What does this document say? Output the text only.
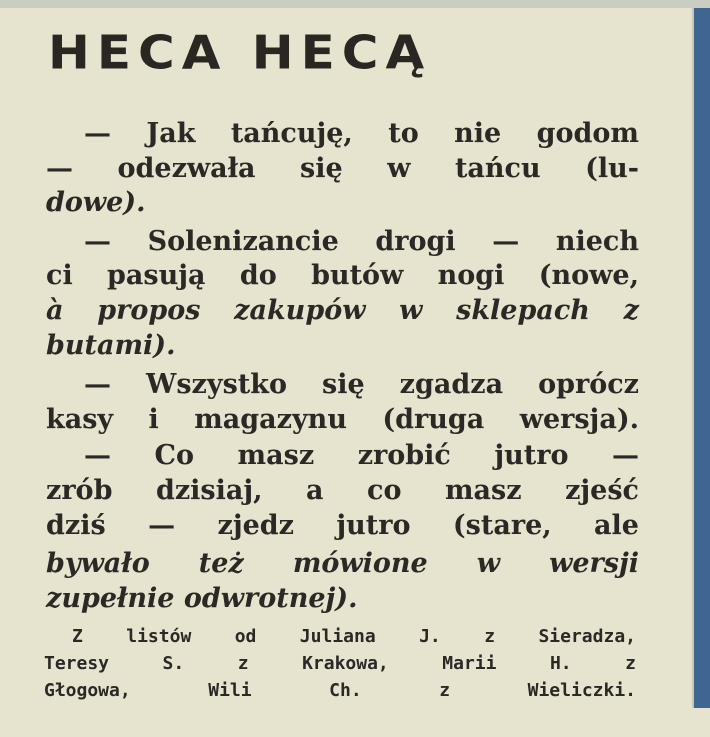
HECA HECĄ

— Jak tańcuję, to nie godom

— odezwała się w tańcu (lu-

dowe).

— Solenizancie drogi — niech

ci pasują do butów nogi (nowe,

à propos zakupów w sklepach z

butami).

— Wszystko się zgadza oprócz

kasy i magazynu (druga wersja).

— Co masz zrobić jutro —

zrób dzisiaj, a co masz zjeść

dziś — zjedz jutro (stare, ale

bywało też mówione w wersji

zupełnie odwrotnej).

Z listów od Juliana J. z Sieradza,

Teresy S. z Krakowa, Marii H. z

Głogowa, Wili Ch. z Wieliczki.
